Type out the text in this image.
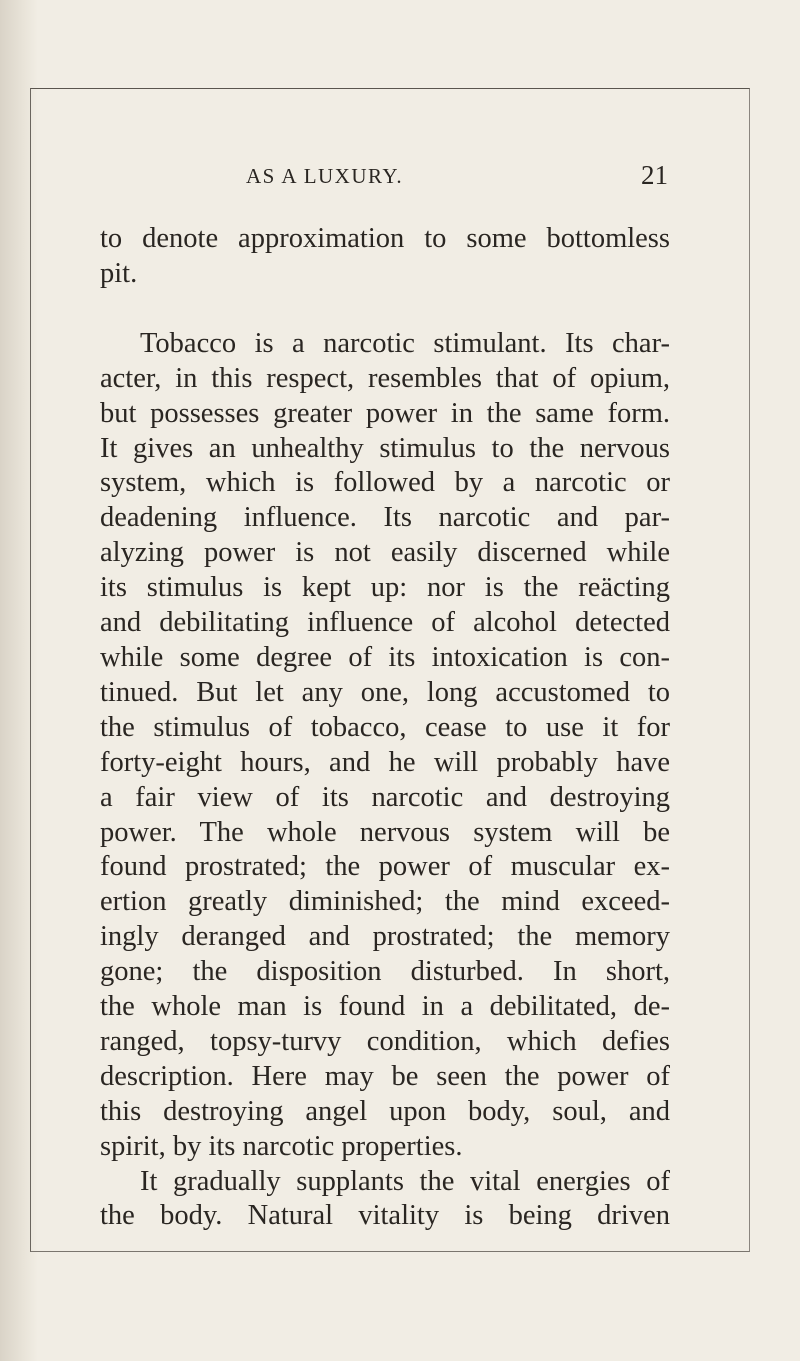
AS A LUXURY.	21
to denote approximation to some bottomless
pit.
Tobacco is a narcotic stimulant. Its char-
acter, in this respect, resembles that of opium,
but possesses greater power in the same form.
It gives an unhealthy stimulus to the nervous
system, which is followed by a narcotic or
deadening influence. Its narcotic and par-
alyzing power is not easily discerned while
its stimulus is kept up: nor is the reäcting
and debilitating influence of alcohol detected
while some degree of its intoxication is con-
tinued. But let any one, long accustomed to
the stimulus of tobacco, cease to use it for
forty-eight hours, and he will probably have
a fair view of its narcotic and destroying
power. The whole nervous system will be
found prostrated; the power of muscular ex-
ertion greatly diminished; the mind exceed-
ingly deranged and prostrated; the memory
gone; the disposition disturbed. In short,
the whole man is found in a debilitated, de-
ranged, topsy-turvy condition, which defies
description. Here may be seen the power of
this destroying angel upon body, soul, and
spirit, by its narcotic properties.
It gradually supplants the vital energies of
the body. Natural vitality is being driven
